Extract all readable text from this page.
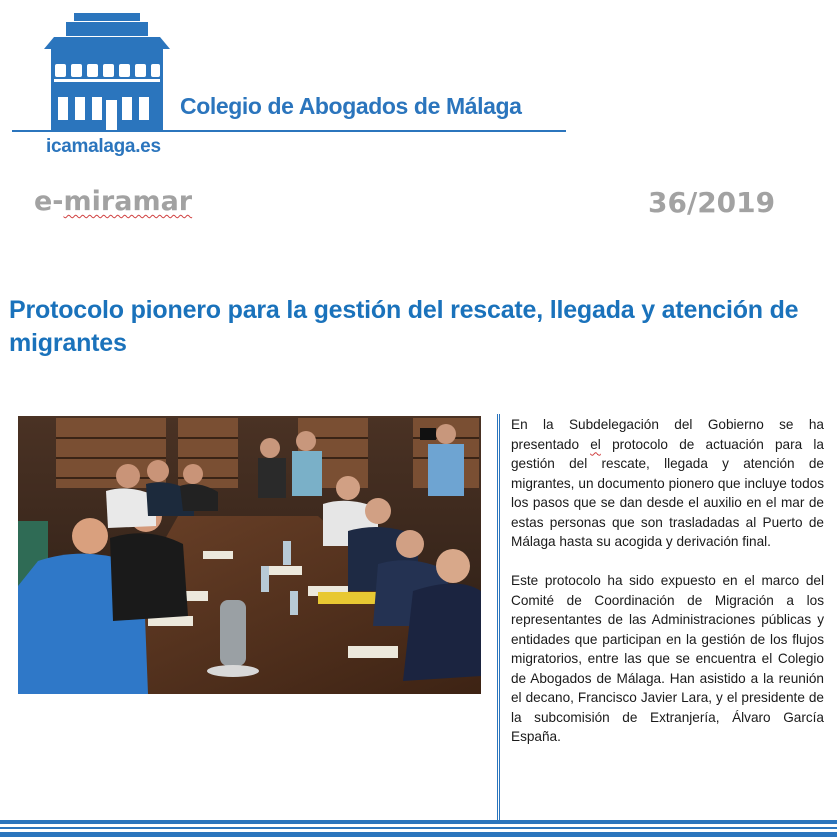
Colegio de Abogados de Málaga
icamalaga.es
e-miramar	36/2019
Protocolo pionero para la gestión del rescate, llegada y atención de migrantes

En la Subdelegación del Gobierno se ha presentado el protocolo de actuación para la gestión del rescate, llegada y atención de migrantes, un documento pionero que incluye todos los pasos que se dan desde el auxilio en el mar de estas personas que son trasladadas al Puerto de Málaga hasta su acogida y derivación final.

Este protocolo ha sido expuesto en el marco del Comité de Coordinación de Migración a los representantes de las Administraciones públicas y entidades que participan en la gestión de los flujos migratorios, entre las que se encuentra el Colegio de Abogados de Málaga. Han asistido a la reunión el decano, Francisco Javier Lara, y el presidente de la subcomisión de Extranjería, Álvaro García España.
